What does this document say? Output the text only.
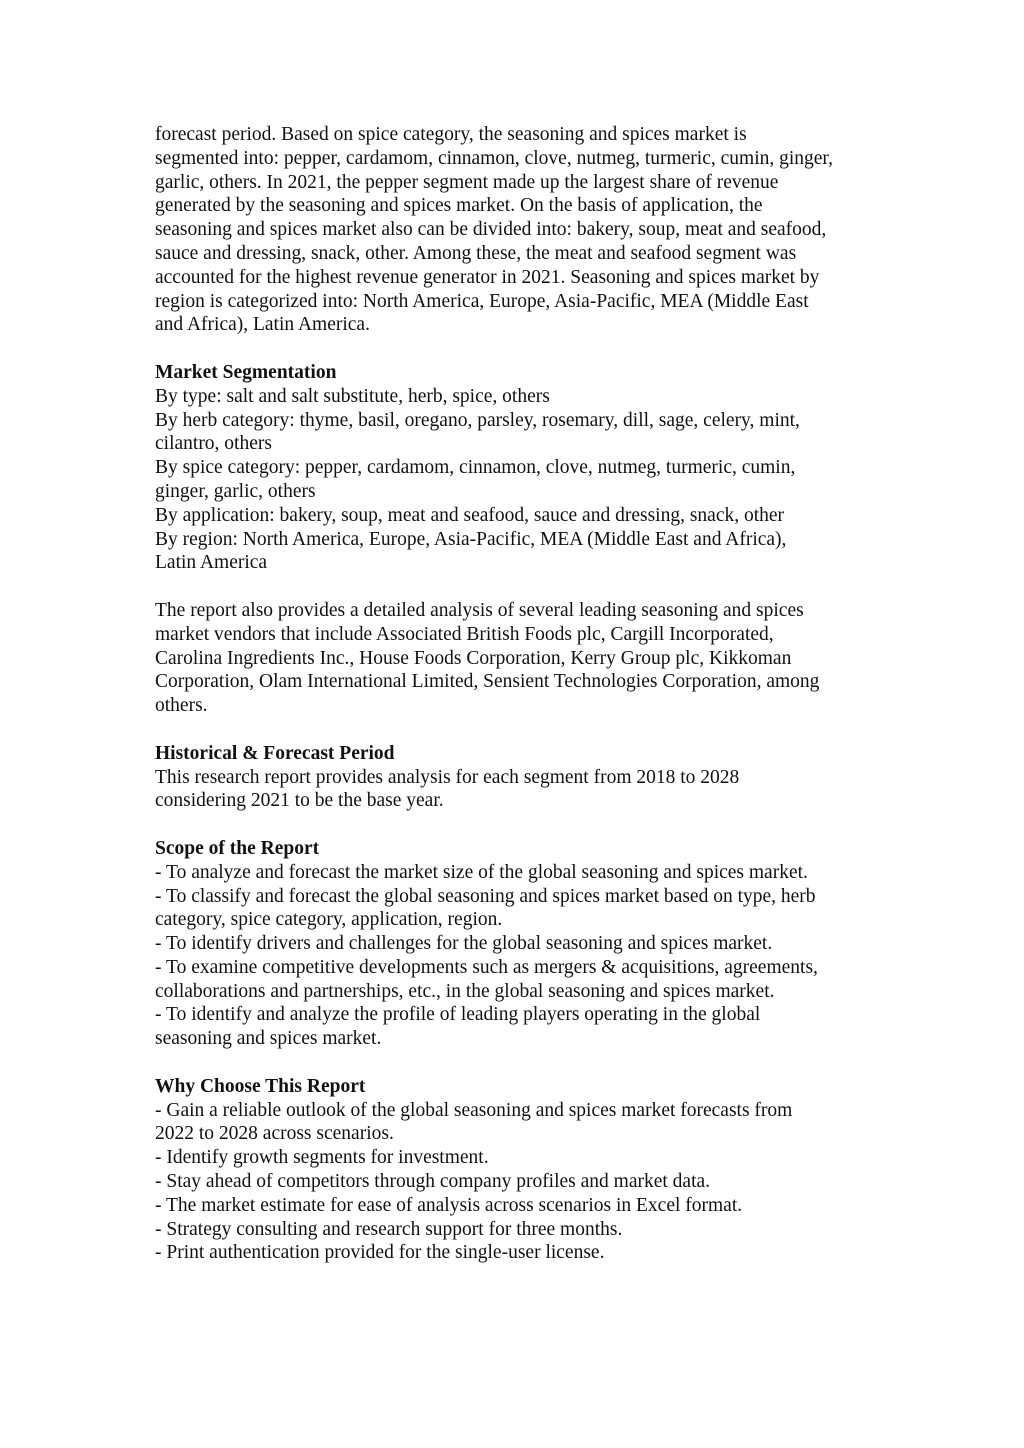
forecast period. Based on spice category, the seasoning and spices market is
segmented into: pepper, cardamom, cinnamon, clove, nutmeg, turmeric, cumin, ginger,
garlic, others. In 2021, the pepper segment made up the largest share of revenue
generated by the seasoning and spices market. On the basis of application, the
seasoning and spices market also can be divided into: bakery, soup, meat and seafood,
sauce and dressing, snack, other. Among these, the meat and seafood segment was
accounted for the highest revenue generator in 2021. Seasoning and spices market by
region is categorized into: North America, Europe, Asia-Pacific, MEA (Middle East
and Africa), Latin America.
Market Segmentation
By type: salt and salt substitute, herb, spice, others
By herb category: thyme, basil, oregano, parsley, rosemary, dill, sage, celery, mint,
cilantro, others
By spice category: pepper, cardamom, cinnamon, clove, nutmeg, turmeric, cumin,
ginger, garlic, others
By application: bakery, soup, meat and seafood, sauce and dressing, snack, other
By region: North America, Europe, Asia-Pacific, MEA (Middle East and Africa),
Latin America
The report also provides a detailed analysis of several leading seasoning and spices
market vendors that include Associated British Foods plc, Cargill Incorporated,
Carolina Ingredients Inc., House Foods Corporation, Kerry Group plc, Kikkoman
Corporation, Olam International Limited, Sensient Technologies Corporation, among
others.
Historical & Forecast Period
This research report provides analysis for each segment from 2018 to 2028
considering 2021 to be the base year.
Scope of the Report
- To analyze and forecast the market size of the global seasoning and spices market.
- To classify and forecast the global seasoning and spices market based on type, herb
category, spice category, application, region.
- To identify drivers and challenges for the global seasoning and spices market.
- To examine competitive developments such as mergers & acquisitions, agreements,
collaborations and partnerships, etc., in the global seasoning and spices market.
- To identify and analyze the profile of leading players operating in the global
seasoning and spices market.
Why Choose This Report
- Gain a reliable outlook of the global seasoning and spices market forecasts from
2022 to 2028 across scenarios.
- Identify growth segments for investment.
- Stay ahead of competitors through company profiles and market data.
- The market estimate for ease of analysis across scenarios in Excel format.
- Strategy consulting and research support for three months.
- Print authentication provided for the single-user license.
